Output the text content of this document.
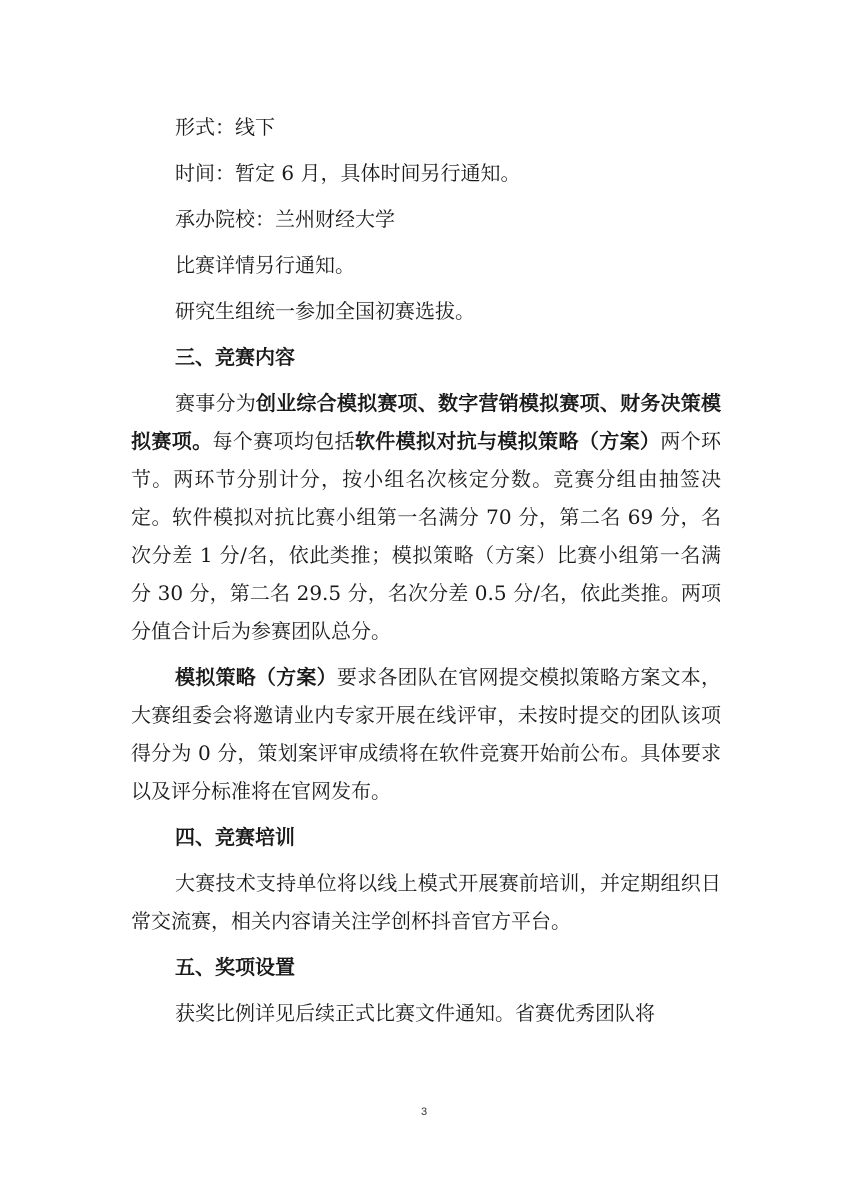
形式：线下
时间：暂定 6 月，具体时间另行通知。
承办院校：兰州财经大学
比赛详情另行通知。
研究生组统一参加全国初赛选拔。
三、竞赛内容

赛事分为创业综合模拟赛项、数字营销模拟赛项、财务决策模拟赛项。每个赛项均包括软件模拟对抗与模拟策略（方案）两个环节。两环节分别计分，按小组名次核定分数。竞赛分组由抽签决定。软件模拟对抗比赛小组第一名满分 70 分，第二名 69 分，名次分差 1 分/名，依此类推；模拟策略（方案）比赛小组第一名满分 30 分，第二名 29.5 分，名次分差 0.5 分/名，依此类推。两项分值合计后为参赛团队总分。

模拟策略（方案）要求各团队在官网提交模拟策略方案文本，大赛组委会将邀请业内专家开展在线评审，未按时提交的团队该项得分为 0 分，策划案评审成绩将在软件竞赛开始前公布。具体要求以及评分标准将在官网发布。

四、竞赛培训

大赛技术支持单位将以线上模式开展赛前培训，并定期组织日常交流赛，相关内容请关注学创杯抖音官方平台。

五、奖项设置

获奖比例详见后续正式比赛文件通知。省赛优秀团队将

3
